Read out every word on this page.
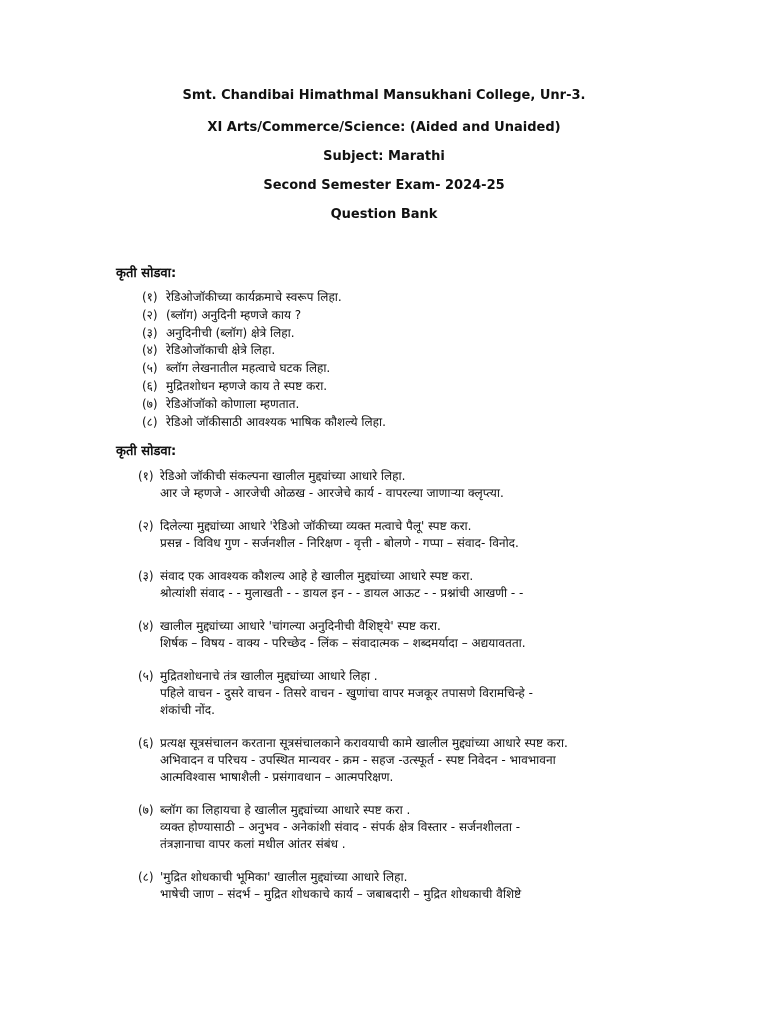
Smt. Chandibai Himathmal Mansukhani College, Unr-3.
XI Arts/Commerce/Science: (Aided and Unaided)
Subject: Marathi
Second Semester Exam- 2024-25
Question Bank
कृती सोडवा:
(१) रेडिओजॉकीच्या कार्यक्रमाचे स्वरूप लिहा.
(२) (ब्लॉग) अनुदिनी म्हणजे काय ?
(३) अनुदिनीची (ब्लॉग) क्षेत्रे लिहा.
(४) रेडिओजॉकाची क्षेत्रे लिहा.
(५) ब्लॉग लेखनातील महत्वाचे घटक लिहा.
(६) मुद्रितशोधन म्हणजे काय ते स्पष्ट करा.
(७) रेडिऑजॉको कोणाला म्हणतात.
(८) रेडिओ जॉकीसाठी आवश्यक भाषिक कौशल्ये लिहा.
कृती सोडवा:
(१) रेडिओ जॉकीची संकल्पना खालील मुद्द्यांच्या आधारे लिहा.
आर जे म्हणजे - आरजेची ओळख - आरजेचे कार्य - वापरल्या जाणाऱ्या क्लृप्त्या.
(२) दिलेल्या मुद्द्यांच्या आधारे 'रेडिओ जॉकीच्या व्यक्त मत्वाचे पैलू' स्पष्ट करा.
प्रसन्न - विविध गुण - सर्जनशील - निरिक्षण - वृत्ती - बोलणे - गप्पा – संवाद- विनोद.
(३) संवाद एक आवश्यक कौशल्य आहे हे खालील मुद्द्यांच्या आधारे स्पष्ट करा.
श्रोत्यांशी संवाद - - मुलाखती - - डायल इन - - डायल आऊट - - प्रश्नांची आखणी - -
(४) खालील मुद्द्यांच्या आधारे 'चांगल्या अनुदिनीची वैशिष्ट्ये' स्पष्ट करा.
शिर्षक – विषय - वाक्य - परिच्छेद - लिंक – संवादात्मक – शब्दमर्यादा – अद्ययावतता.
(५) मुद्रितशोधनाचे तंत्र खालील मुद्द्यांच्या आधारे लिहा .
पहिले वाचन - दुसरे वाचन - तिसरे वाचन - खुणांचा वापर मजकूर तपासणे विरामचिन्हे -
शंकांची नोंद.
(६) प्रत्यक्ष सूत्रसंचालन करताना सूत्रसंचालकाने करावयाची कामे खालील मुद्द्यांच्या आधारे स्पष्ट करा.
अभिवादन व परिचय - उपस्थित मान्यवर - क्रम - सहज -उत्स्फूर्त - स्पष्ट निवेदन - भावभावना
आत्मविश्वास भाषाशैली - प्रसंगावधान – आत्मपरिक्षण.
(७) ब्लॉग का लिहायचा हे खालील मुद्द्यांच्या आधारे स्पष्ट करा .
व्यक्त होण्यासाठी – अनुभव - अनेकांशी संवाद - संपर्क क्षेत्र विस्तार - सर्जनशीलता -
तंत्रज्ञानाचा वापर कलां मधील आंतर संबंध .
(८) 'मुद्रित शोधकाची भूमिका' खालील मुद्द्यांच्या आधारे लिहा.
भाषेची जाण – संदर्भ – मुद्रित शोधकाचे कार्य – जबाबदारी – मुद्रित शोधकाची वैशिष्टे
